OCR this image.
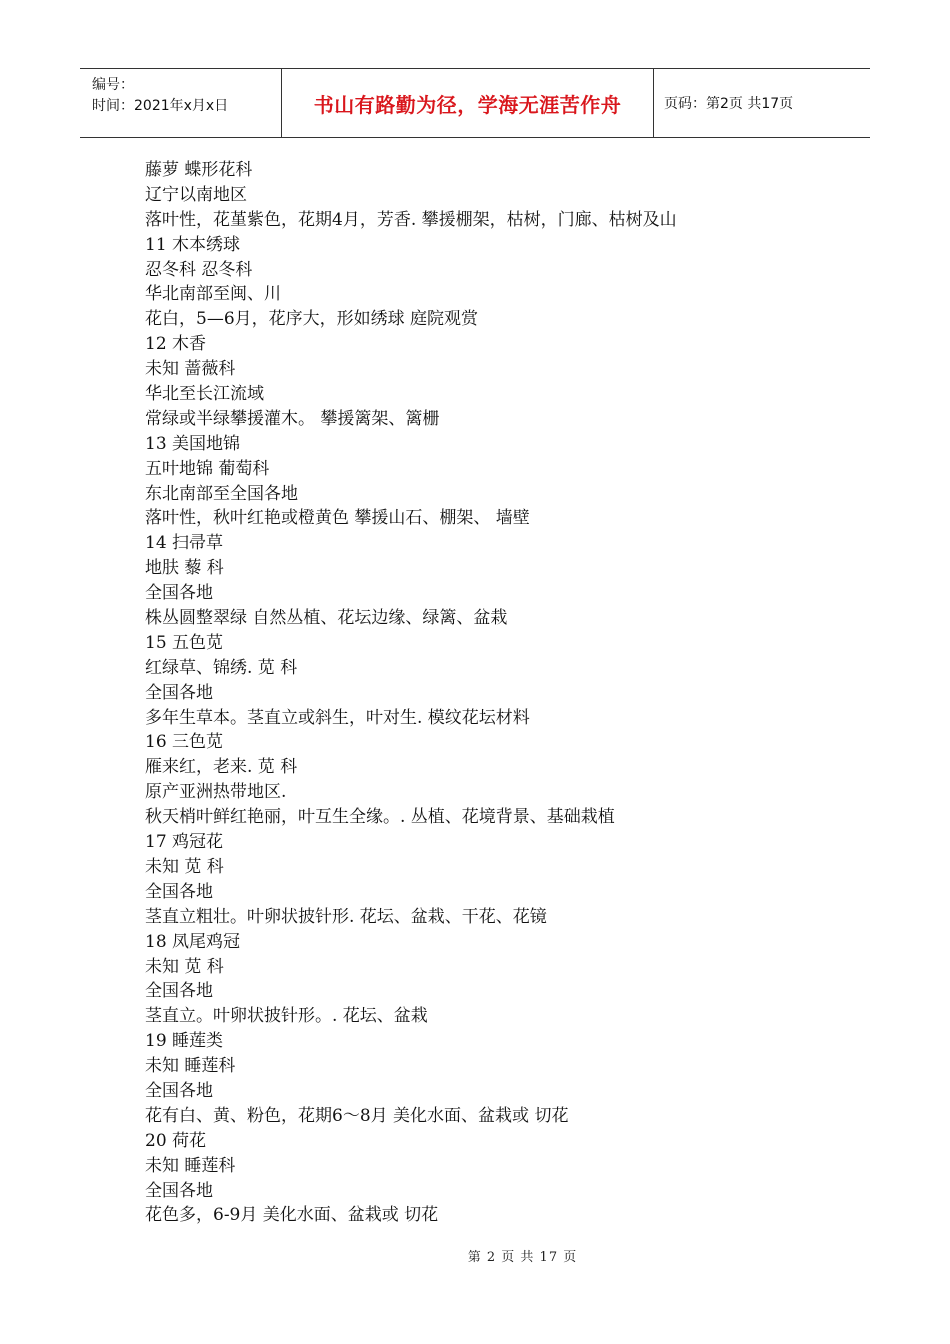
编号：
时间：2021年x月x日	书山有路勤为径，学海无涯苦作舟	页码：第2页 共17页
藤萝 蝶形花科
辽宁以南地区
落叶性，花堇紫色，花期4月，芳香. 攀援棚架，枯树，门廊、枯树及山
11 木本绣球
忍冬科 忍冬科
华北南部至闽、川
花白，5—6月，花序大，形如绣球 庭院观赏
12 木香
未知 蔷薇科
华北至长江流域
常绿或半绿攀援灌木。 攀援篱架、篱栅
13 美国地锦
五叶地锦 葡萄科
东北南部至全国各地
落叶性，秋叶红艳或橙黄色 攀援山石、棚架、 墙壁
14 扫帚草
地肤 藜 科
全国各地
株丛圆整翠绿 自然丛植、花坛边缘、绿篱、盆栽
15 五色苋
红绿草、锦绣. 苋 科
全国各地
多年生草本。茎直立或斜生，叶对生. 模纹花坛材料
16 三色苋
雁来红，老来. 苋 科
原产亚洲热带地区.
秋天梢叶鲜红艳丽，叶互生全缘。. 丛植、花境背景、基础栽植
17 鸡冠花
未知 苋 科
全国各地
茎直立粗壮。叶卵状披针形. 花坛、盆栽、干花、花镜
18 凤尾鸡冠
未知 苋 科
全国各地
茎直立。叶卵状披针形。. 花坛、盆栽
19 睡莲类
未知 睡莲科
全国各地
花有白、黄、粉色，花期6～8月 美化水面、盆栽或 切花
20 荷花
未知 睡莲科
全国各地
花色多，6-9月 美化水面、盆栽或 切花
第 2 页 共 17 页
